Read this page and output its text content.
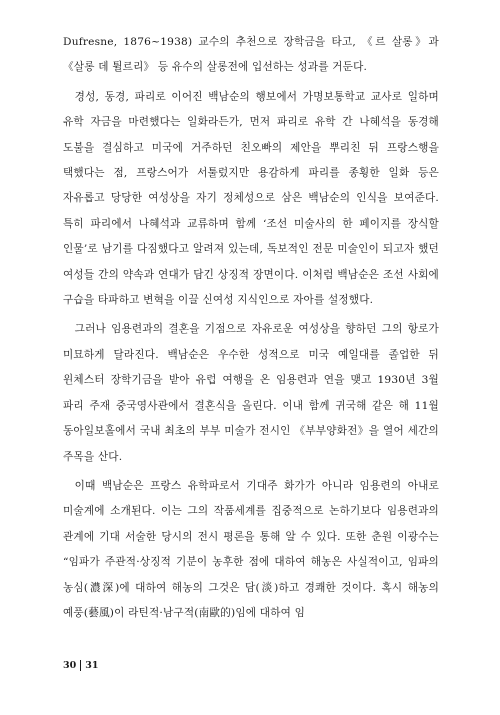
Dufresne, 1876~1938) 교수의 추천으로 장학금을 타고, 《르 살롱》과 《살롱 데 튈르리》 등 유수의 살롱전에 입선하는 성과를 거둔다.

경성, 동경, 파리로 이어진 백남순의 행보에서 가명보통학교 교사로 일하며 유학 자금을 마련했다는 일화라든가, 먼저 파리로 유학 간 나혜석을 동경해 도불을 결심하고 미국에 거주하던 친오빠의 제안을 뿌리친 뒤 프랑스행을 택했다는 점, 프랑스어가 서툴렀지만 용감하게 파리를 종횡한 일화 등은 자유롭고 당당한 여성상을 자기 정체성으로 삼은 백남순의 인식을 보여준다. 특히 파리에서 나혜석과 교류하며 함께 ‘조선 미술사의 한 페이지를 장식할 인물’로 남기를 다짐했다고 알려져 있는데, 독보적인 전문 미술인이 되고자 했던 여성들 간의 약속과 연대가 담긴 상징적 장면이다. 이처럼 백남순은 조선 사회에 구습을 타파하고 변혁을 이끌 신여성 지식인으로 자아를 설정했다.

그러나 임용련과의 결혼을 기점으로 자유로운 여성상을 향하던 그의 항로가 미묘하게 달라진다. 백남순은 우수한 성적으로 미국 예일대를 졸업한 뒤 윈체스터 장학기금을 받아 유럽 여행을 온 임용련과 연을 맺고 1930년 3월 파리 주재 중국영사관에서 결혼식을 올린다. 이내 함께 귀국해 같은 해 11월 동아일보홀에서 국내 최초의 부부 미술가 전시인 《부부양화전》을 열어 세간의 주목을 산다.

이때 백남순은 프랑스 유학파로서 기대주 화가가 아니라 임용련의 아내로 미술계에 소개된다. 이는 그의 작품세계를 집중적으로 논하기보다 임용련과의 관계에 기대 서술한 당시의 전시 평론을 통해 알 수 있다. 또한 춘원 이광수는 “임파가 주관적·상징적 기분이 농후한 점에 대하여 해농은 사실적이고, 임파의 농심(濃深)에 대하여 해농의 그것은 담(淡)하고 경쾌한 것이다. 혹시 해농의 예풍(藝風)이 라틴적·남구적(南歐的)임에 대하여 임

30 31
